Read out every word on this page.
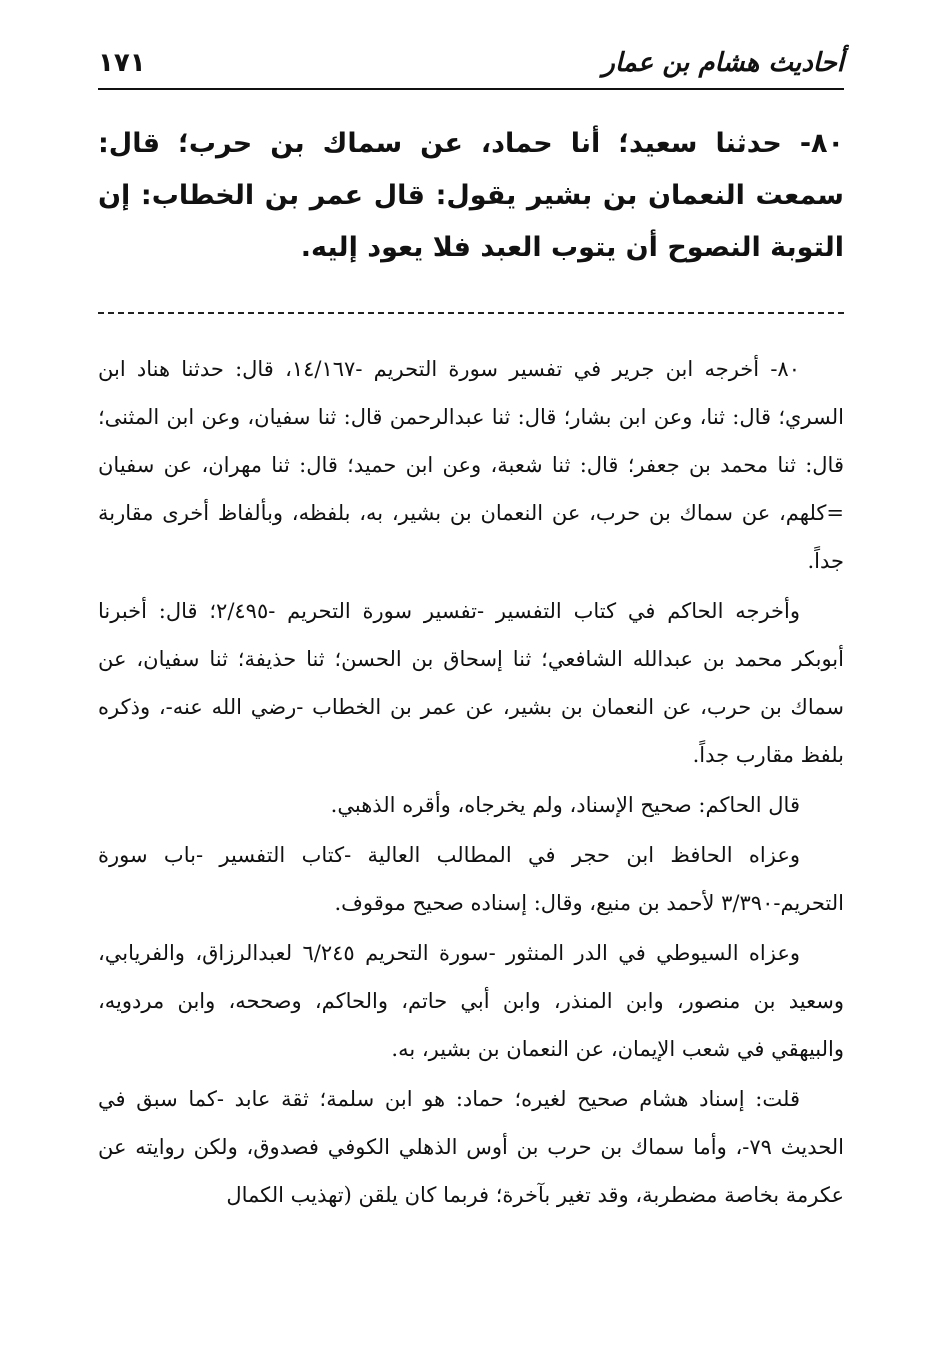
أحاديث هشام بن عمار
١٧١
٨٠- حدثنا سعيد؛ أنا حماد، عن سماك بن حرب؛ قال: سمعت النعمان بن بشير يقول: قال عمر بن الخطاب: إن التوبة النصوح أن يتوب العبد فلا يعود إليه.

٨٠- أخرجه ابن جرير في تفسير سورة التحريم -١٤/١٦٧، قال: حدثنا هناد ابن السري؛ قال: ثنا، وعن ابن بشار؛ قال: ثنا عبدالرحمن قال: ثنا سفيان، وعن ابن المثنى؛ قال: ثنا محمد بن جعفر؛ قال: ثنا شعبة، وعن ابن حميد؛ قال: ثنا مهران، عن سفيان =كلهم، عن سماك بن حرب، عن النعمان بن بشير، به، بلفظه، وبألفاظ أخرى مقاربة جداً.

وأخرجه الحاكم في كتاب التفسير -تفسير سورة التحريم -٢/٤٩٥؛ قال: أخبرنا أبوبكر محمد بن عبدالله الشافعي؛ ثنا إسحاق بن الحسن؛ ثنا حذيفة؛ ثنا سفيان، عن سماك بن حرب، عن النعمان بن بشير، عن عمر بن الخطاب -رضي الله عنه-، وذكره بلفظ مقارب جداً.

قال الحاكم: صحيح الإسناد، ولم يخرجاه، وأقره الذهبي.

وعزاه الحافظ ابن حجر في المطالب العالية -كتاب التفسير -باب سورة التحريم-٣/٣٩٠ لأحمد بن منيع، وقال: إسناده صحيح موقوف.

وعزاه السيوطي في الدر المنثور -سورة التحريم ٦/٢٤٥ لعبدالرزاق، والفريابي، وسعيد بن منصور، وابن المنذر، وابن أبي حاتم، والحاكم، وصححه، وابن مردويه، والبيهقي في شعب الإيمان، عن النعمان بن بشير، به.

قلت: إسناد هشام صحيح لغيره؛ حماد: هو ابن سلمة؛ ثقة عابد -كما سبق في الحديث ٧٩-، وأما سماك بن حرب بن أوس الذهلي الكوفي فصدوق، ولكن روايته عن عكرمة بخاصة مضطربة، وقد تغير بآخرة؛ فربما كان يلقن (تهذيب الكمال
